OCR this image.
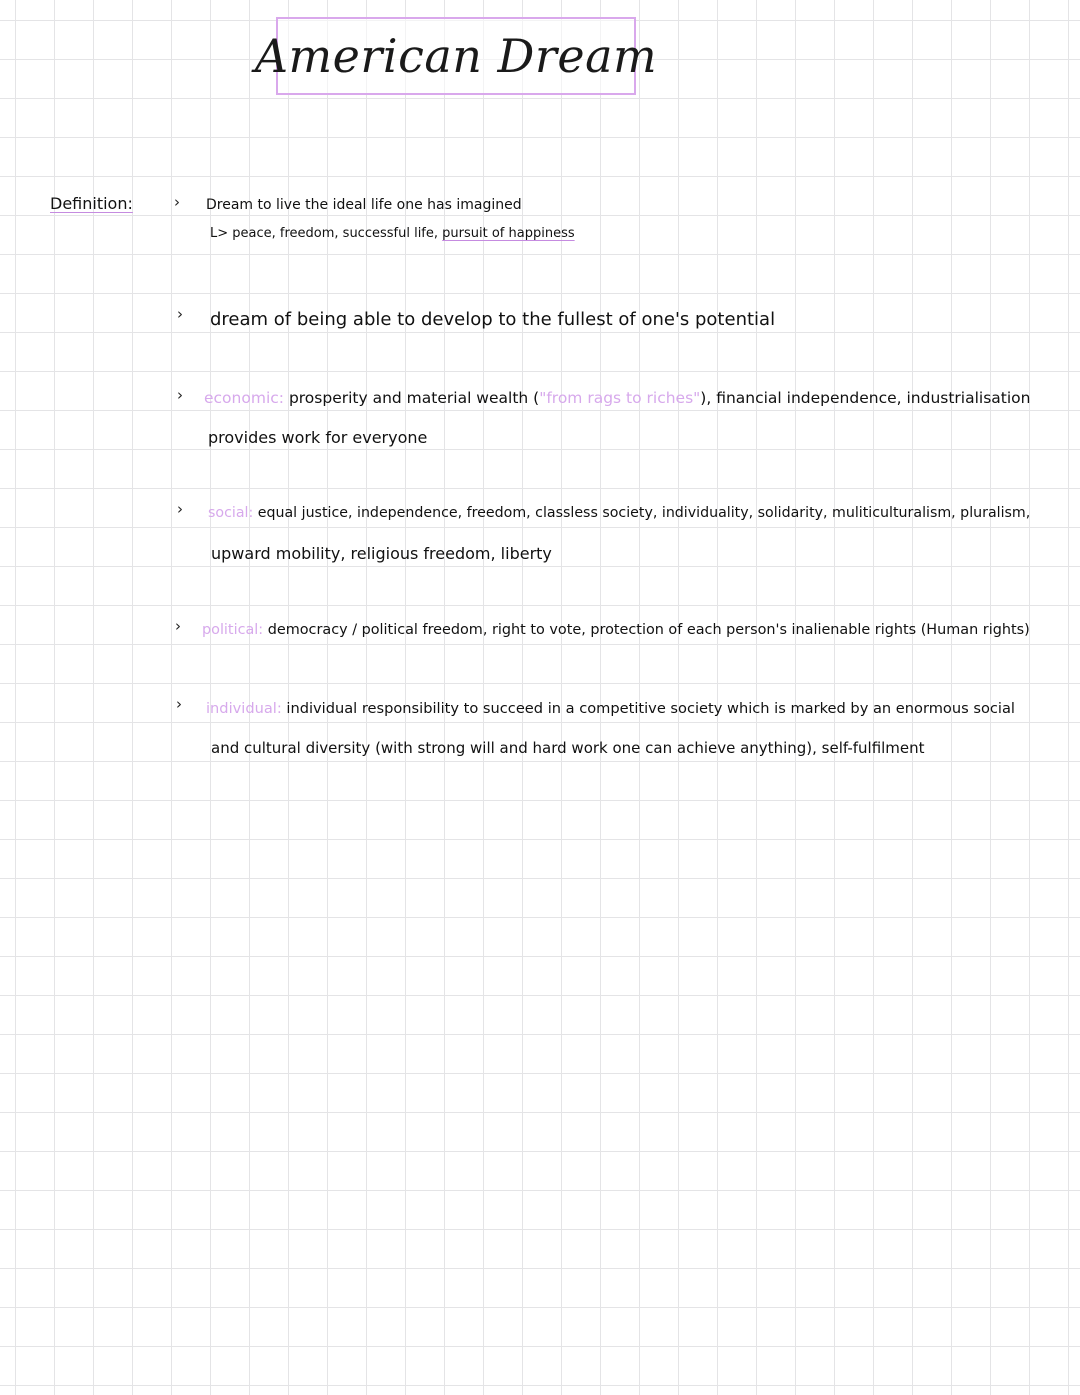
American Dream
Definition:	› Dream to live the ideal life one has imagined
L> peace, freedom, successful life, pursuit of happiness
› dream of being able to develop to the fullest of one's potential
› economic: prosperity and material wealth ("from rags to riches"), financial independence, industrialisation
provides work for everyone
› social: equal justice, independence, freedom, classless society, individuality, solidarity, muliticulturalism, pluralism,
upward mobility, religious freedom, liberty
› political: democracy / political freedom, right to vote, protection of each person's inalienable rights (Human rights)
› individual: individual responsibility to succeed in a competitive society which is marked by an enormous social
and cultural diversity (with strong will and hard work one can achieve anything), self-fulfilment
